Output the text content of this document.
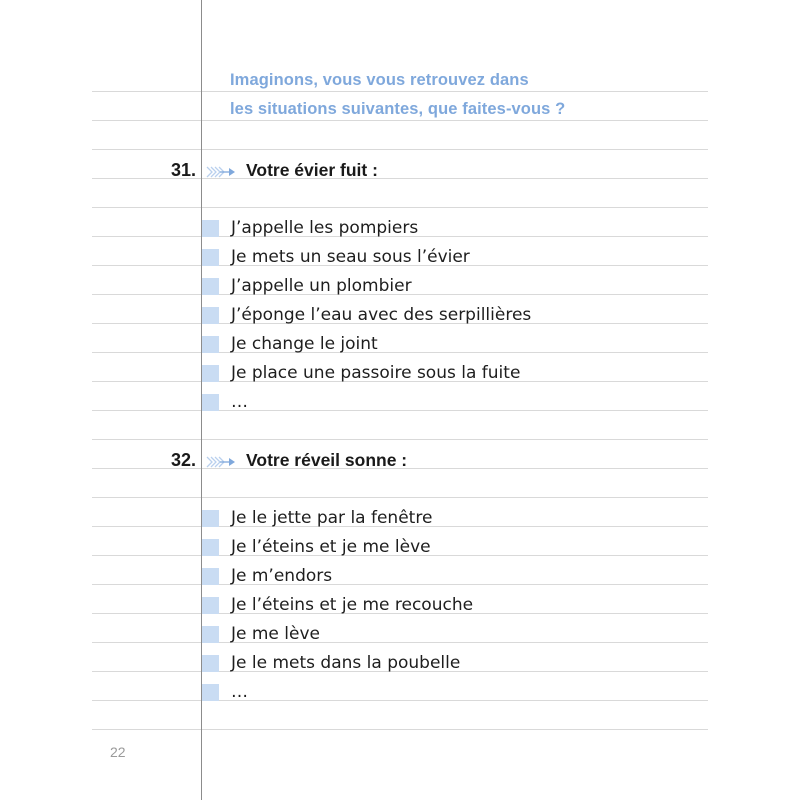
Imaginons, vous vous retrouvez dans
les situations suivantes, que faites-vous ?
31.	Votre évier fuit :
J’appelle les pompiers
Je mets un seau sous l’évier
J’appelle un plombier
J’éponge l’eau avec des serpillières
Je change le joint
Je place une passoire sous la fuite
…
32.	Votre réveil sonne :
Je le jette par la fenêtre
Je l’éteins et je me lève
Je m’endors
Je l’éteins et je me recouche
Je me lève
Je le mets dans la poubelle
…
22
